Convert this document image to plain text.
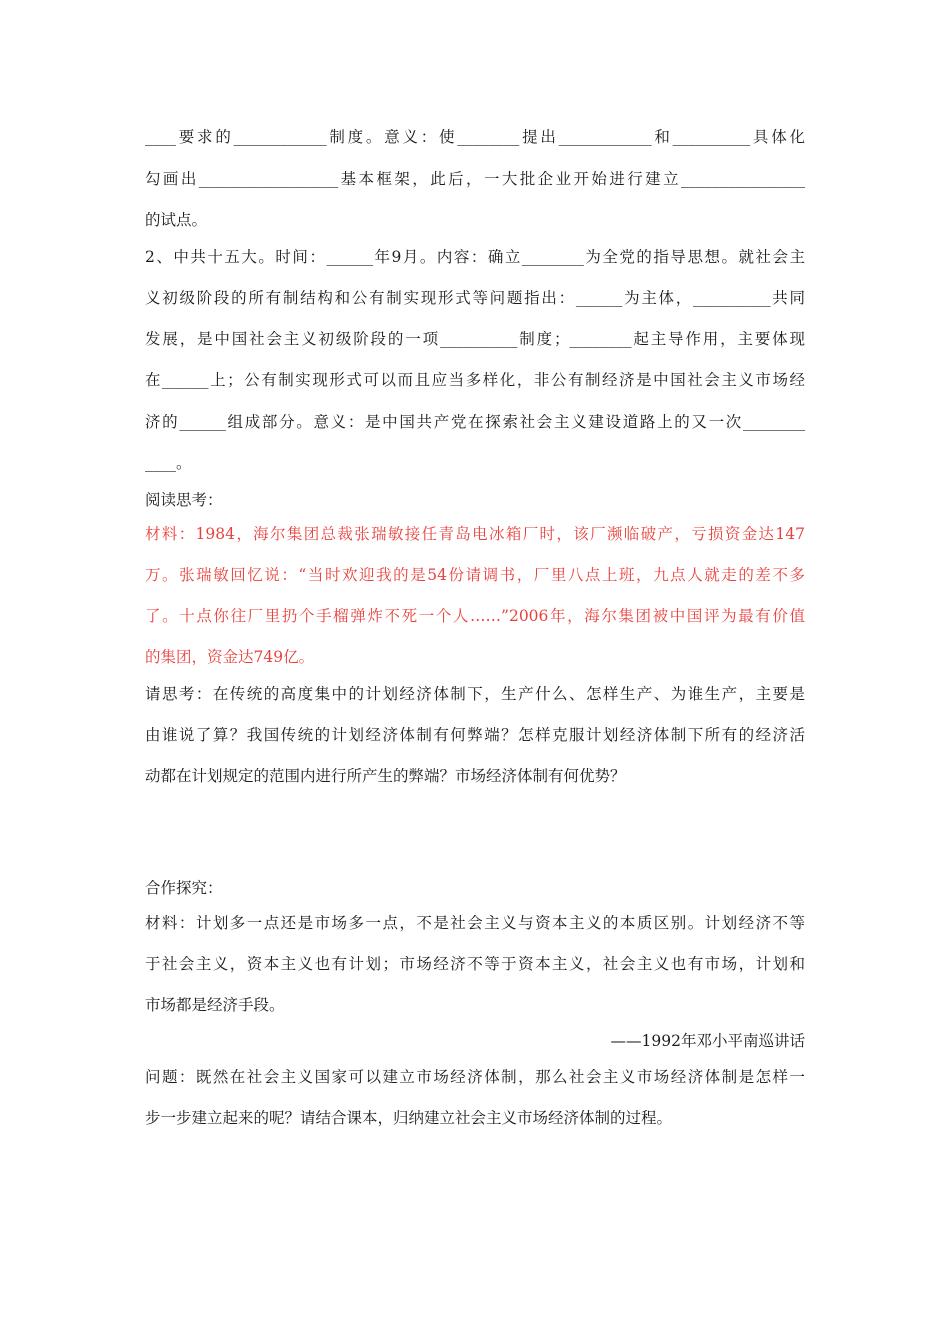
____要求的____________制度。意义：使________提出____________和__________具体化
勾画出__________________基本框架，此后，一大批企业开始进行建立________________
的试点。
2、中共十五大。时间：______年9月。内容：确立________为全党的指导思想。就社会主
义初级阶段的所有制结构和公有制实现形式等问题指出：______为主体，__________共同
发展，是中国社会主义初级阶段的一项__________制度；________起主导作用，主要体现
在______上；公有制实现形式可以而且应当多样化，非公有制经济是中国社会主义市场经
济的______组成部分。意义：是中国共产党在探索社会主义建设道路上的又一次________
____。
阅读思考：
材料：1984，海尔集团总裁张瑞敏接任青岛电冰箱厂时，该厂濒临破产，亏损资金达147
万。张瑞敏回忆说：“当时欢迎我的是54份请调书，厂里八点上班，九点人就走的差不多
了。十点你往厂里扔个手榴弹炸不死一个人……”2006年，海尔集团被中国评为最有价值
的集团，资金达749亿。
请思考：在传统的高度集中的计划经济体制下，生产什么、怎样生产、为谁生产，主要是
由谁说了算？我国传统的计划经济体制有何弊端？怎样克服计划经济体制下所有的经济活
动都在计划规定的范围内进行所产生的弊端？市场经济体制有何优势？
合作探究：
材料：计划多一点还是市场多一点，不是社会主义与资本主义的本质区别。计划经济不等
于社会主义，资本主义也有计划；市场经济不等于资本主义，社会主义也有市场，计划和
市场都是经济手段。
——1992年邓小平南巡讲话
问题：既然在社会主义国家可以建立市场经济体制，那么社会主义市场经济体制是怎样一
步一步建立起来的呢？请结合课本，归纳建立社会主义市场经济体制的过程。
